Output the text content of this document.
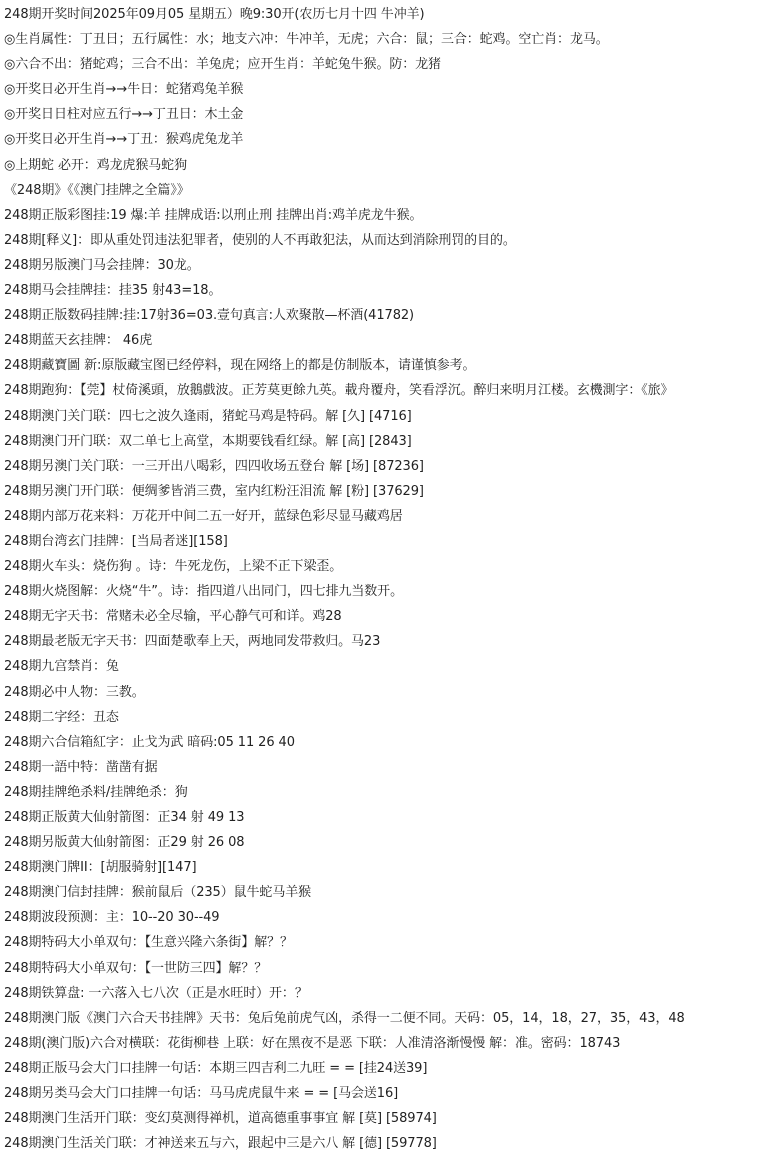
248期开奖时间2025年09月05 星期五）晚9:30开(农历七月十四 牛冲羊)
◎生肖属性：丁丑日；五行属性：水；地支六冲：牛冲羊，无虎；六合：鼠；三合：蛇鸡。空亡肖：龙马。
◎六合不出：猪蛇鸡；三合不出：羊兔虎；应开生肖：羊蛇兔牛猴。防：龙猪
◎开奖日必开生肖→→牛日：蛇猪鸡兔羊猴
◎开奖日日柱对应五行→→丁丑日：木土金
◎开奖日必开生肖→→丁丑：猴鸡虎兔龙羊
◎上期蛇 必开：鸡龙虎猴马蛇狗
《248期》《《澳门挂牌之全篇》》
248期正版彩图挂:19 爆:羊 挂牌成语:以刑止刑 挂牌出肖:鸡羊虎龙牛猴。
248期[释义]：即从重处罚违法犯罪者，使别的人不再敢犯法，从而达到消除刑罚的目的。
248期另版澳门马会挂牌：30龙。
248期马会挂牌挂：挂35 射43=18。
248期正版数码挂牌:挂:17射36=03.壹句真言:人欢聚散—杯酒(41782)
248期蓝天玄挂牌： 46虎
248期藏寶圖 新:原版藏宝图已经停料，现在网络上的都是仿制版本，请谨慎参考。
248期跑狗：【莞】杖倚溪頭，放鵝戲波。正芳莫更餘九英。載舟覆舟，笑看浮沉。醉归来明月江楼。玄機測字：《旅》
248期澳门关门联：四七之波久逢雨，猪蛇马鸡是特码。解 [久] [4716]
248期澳门开门联：双二单七上高堂，本期要钱看红绿。解 [高] [2843]
248期另澳门关门联：一三开出八喝彩，四四收场五登台 解 [场] [87236]
248期另澳门开门联：便绸爹皆消三费，室内红粉汪泪流 解 [粉] [37629]
248期内部万花来料：万花开中间二五一好开，蓝绿色彩尽显马藏鸡居
248期台湾玄门挂牌：[当局者迷][158]
248期火车头：烧伤狗 。诗：牛死龙伤，上梁不正下梁歪。
248期火烧图解：火烧“牛”。诗：指四道八出同门，四七排九当数开。
248期无字天书：常赌未必全尽输，平心静气可和详。鸡28
248期最老版无字天书：四面楚歌奉上天，两地同发带救归。马23
248期九宫禁肖：兔
248期必中人物：三教。
248期二字经：丑态
248期六合信箱紅字：止戈为武 暗码:05 11 26 40
248期一語中特：凿凿有据
248期挂牌绝杀料/挂牌绝杀：狗
248期正版黄大仙射箭图：正34 射 49 13
248期另版黄大仙射箭图：正29 射 26 08
248期澳门牌II：[胡服骑射][147]
248期澳门信封挂牌：猴前鼠后（235）鼠牛蛇马羊猴
248期波段预测：主：10--20 30--49
248期特码大小单双句：【生意兴隆六条街】解？？
248期特码大小单双句：【一世防三四】解？？
248期铁算盘: 一六落入七八次（正是水旺时）开：？
248期澳门版《澳门六合天书挂牌》天书：兔后兔前虎气凶，杀得一二便不同。天码：05，14，18，27，35，43，48
248期(澳门版)六合对横联：花街柳巷 上联：好在黑夜不是恶 下联：人准清洛渐慢慢 解：准。密码：18743
248期正版马会大门口挂牌一句话：本期三四吉利二九旺 = = [挂24送39]
248期另类马会大门口挂牌一句话：马马虎虎鼠牛来 = = [马会送16]
248期澳门生活开门联：变幻莫测得禅机，道高德重事事宜 解 [莫] [58974]
248期澳门生活关门联：才神送来五与六，跟起中三是六八 解 [德] [59778]
